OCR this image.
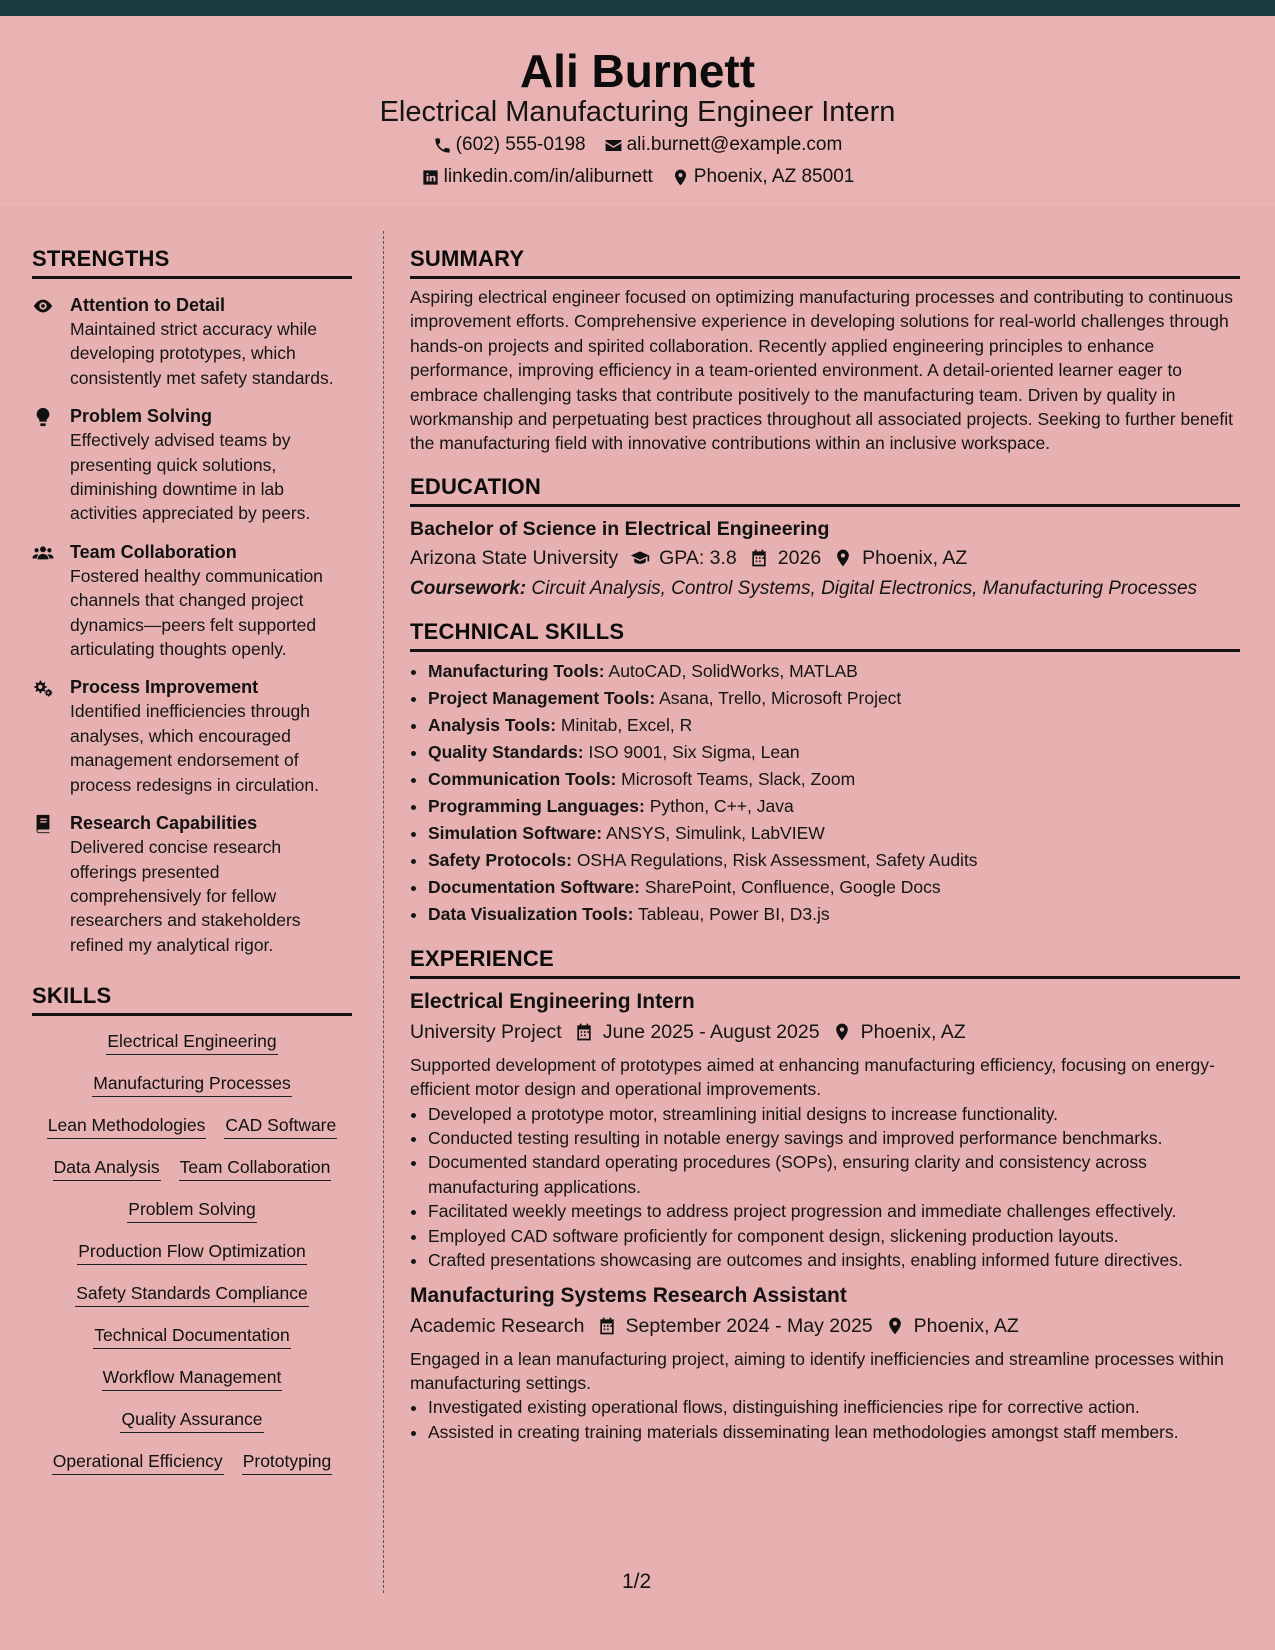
Ali Burnett
Electrical Manufacturing Engineer Intern
(602) 555-0198 ali.burnett@example.com
linkedin.com/in/aliburnett Phoenix, AZ 85001
STRENGTHS
Attention to Detail
Maintained strict accuracy while developing prototypes, which consistently met safety standards.
Problem Solving
Effectively advised teams by presenting quick solutions, diminishing downtime in lab activities appreciated by peers.
Team Collaboration
Fostered healthy communication channels that changed project dynamics—peers felt supported articulating thoughts openly.
Process Improvement
Identified inefficiencies through analyses, which encouraged management endorsement of process redesigns in circulation.
Research Capabilities
Delivered concise research offerings presented comprehensively for fellow researchers and stakeholders refined my analytical rigor.
SKILLS
Electrical Engineering
Manufacturing Processes
Lean Methodologies CAD Software
Data Analysis Team Collaboration
Problem Solving
Production Flow Optimization
Safety Standards Compliance
Technical Documentation
Workflow Management
Quality Assurance
Operational Efficiency Prototyping
SUMMARY
Aspiring electrical engineer focused on optimizing manufacturing processes and contributing to continuous improvement efforts. Comprehensive experience in developing solutions for real-world challenges through hands-on projects and spirited collaboration. Recently applied engineering principles to enhance performance, improving efficiency in a team-oriented environment. A detail-oriented learner eager to embrace challenging tasks that contribute positively to the manufacturing team. Driven by quality in workmanship and perpetuating best practices throughout all associated projects. Seeking to further benefit the manufacturing field with innovative contributions within an inclusive workspace.
EDUCATION
Bachelor of Science in Electrical Engineering
Arizona State University GPA: 3.8 2026 Phoenix, AZ
Coursework: Circuit Analysis, Control Systems, Digital Electronics, Manufacturing Processes
TECHNICAL SKILLS
• Manufacturing Tools: AutoCAD, SolidWorks, MATLAB
• Project Management Tools: Asana, Trello, Microsoft Project
• Analysis Tools: Minitab, Excel, R
• Quality Standards: ISO 9001, Six Sigma, Lean
• Communication Tools: Microsoft Teams, Slack, Zoom
• Programming Languages: Python, C++, Java
• Simulation Software: ANSYS, Simulink, LabVIEW
• Safety Protocols: OSHA Regulations, Risk Assessment, Safety Audits
• Documentation Software: SharePoint, Confluence, Google Docs
• Data Visualization Tools: Tableau, Power BI, D3.js
EXPERIENCE
Electrical Engineering Intern
University Project June 2025 - August 2025 Phoenix, AZ
Supported development of prototypes aimed at enhancing manufacturing efficiency, focusing on energy-efficient motor design and operational improvements.
• Developed a prototype motor, streamlining initial designs to increase functionality.
• Conducted testing resulting in notable energy savings and improved performance benchmarks.
• Documented standard operating procedures (SOPs), ensuring clarity and consistency across manufacturing applications.
• Facilitated weekly meetings to address project progression and immediate challenges effectively.
• Employed CAD software proficiently for component design, slickening production layouts.
• Crafted presentations showcasing are outcomes and insights, enabling informed future directives.
Manufacturing Systems Research Assistant
Academic Research September 2024 - May 2025 Phoenix, AZ
Engaged in a lean manufacturing project, aiming to identify inefficiencies and streamline processes within manufacturing settings.
• Investigated existing operational flows, distinguishing inefficiencies ripe for corrective action.
• Assisted in creating training materials disseminating lean methodologies amongst staff members.
1/2
